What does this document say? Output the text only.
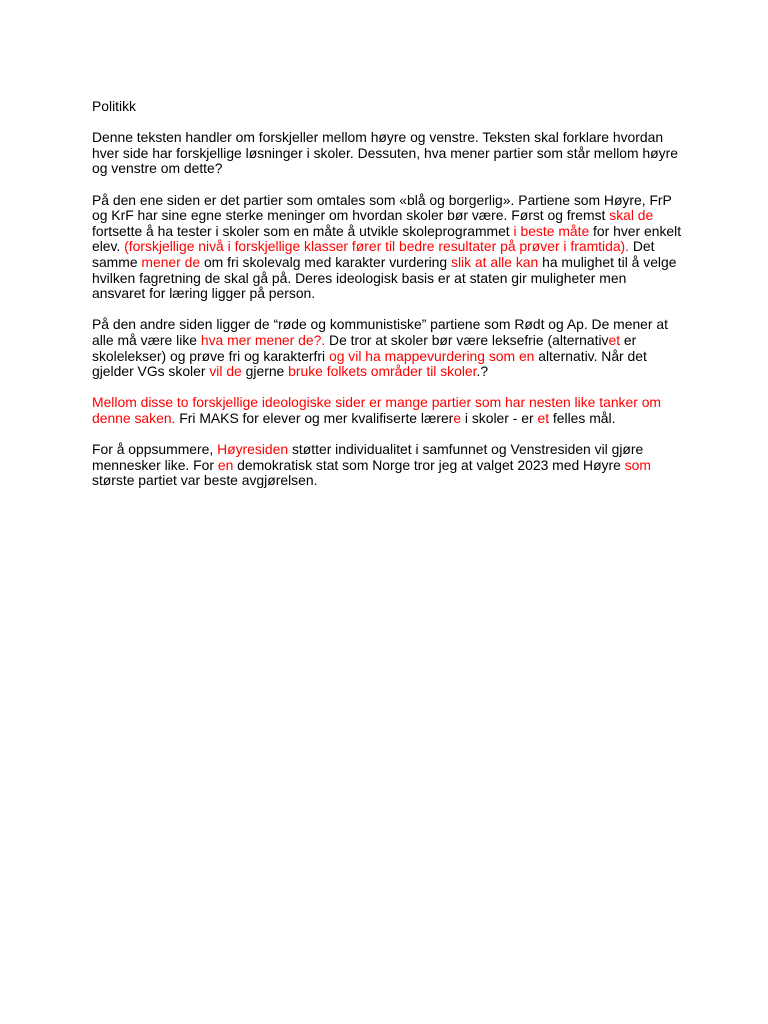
Politikk

Denne teksten handler om forskjeller mellom høyre og venstre. Teksten skal forklare hvordan hver side har forskjellige løsninger i skoler. Dessuten, hva mener partier som står mellom høyre og venstre om dette?

På den ene siden er det partier som omtales som «blå og borgerlig». Partiene som Høyre, FrP og KrF har sine egne sterke meninger om hvordan skoler bør være. Først og fremst skal de fortsette å ha tester i skoler som en måte å utvikle skoleprogrammet i beste måte for hver enkelt elev. (forskjellige nivå i forskjellige klasser fører til bedre resultater på prøver i framtida). Det samme mener de om fri skolevalg med karakter vurdering slik at alle kan ha mulighet til å velge hvilken fagretning de skal gå på. Deres ideologisk basis er at staten gir muligheter men ansvaret for læring ligger på person.

På den andre siden ligger de “røde og kommunistiske” partiene som Rødt og Ap. De mener at alle må være like hva mer mener de?. De tror at skoler bør være leksefrie (alternativet er skolelekser) og prøve fri og karakterfri og vil ha mappevurdering som en alternativ. Når det gjelder VGs skoler vil de gjerne bruke folkets områder til skoler.?

Mellom disse to forskjellige ideologiske sider er mange partier som har nesten like tanker om denne saken. Fri MAKS for elever og mer kvalifiserte lærere i skoler - er et felles mål.

For å oppsummere, Høyresiden støtter individualitet i samfunnet og Venstresiden vil gjøre mennesker like. For en demokratisk stat som Norge tror jeg at valget 2023 med Høyre som største partiet var beste avgjørelsen.
